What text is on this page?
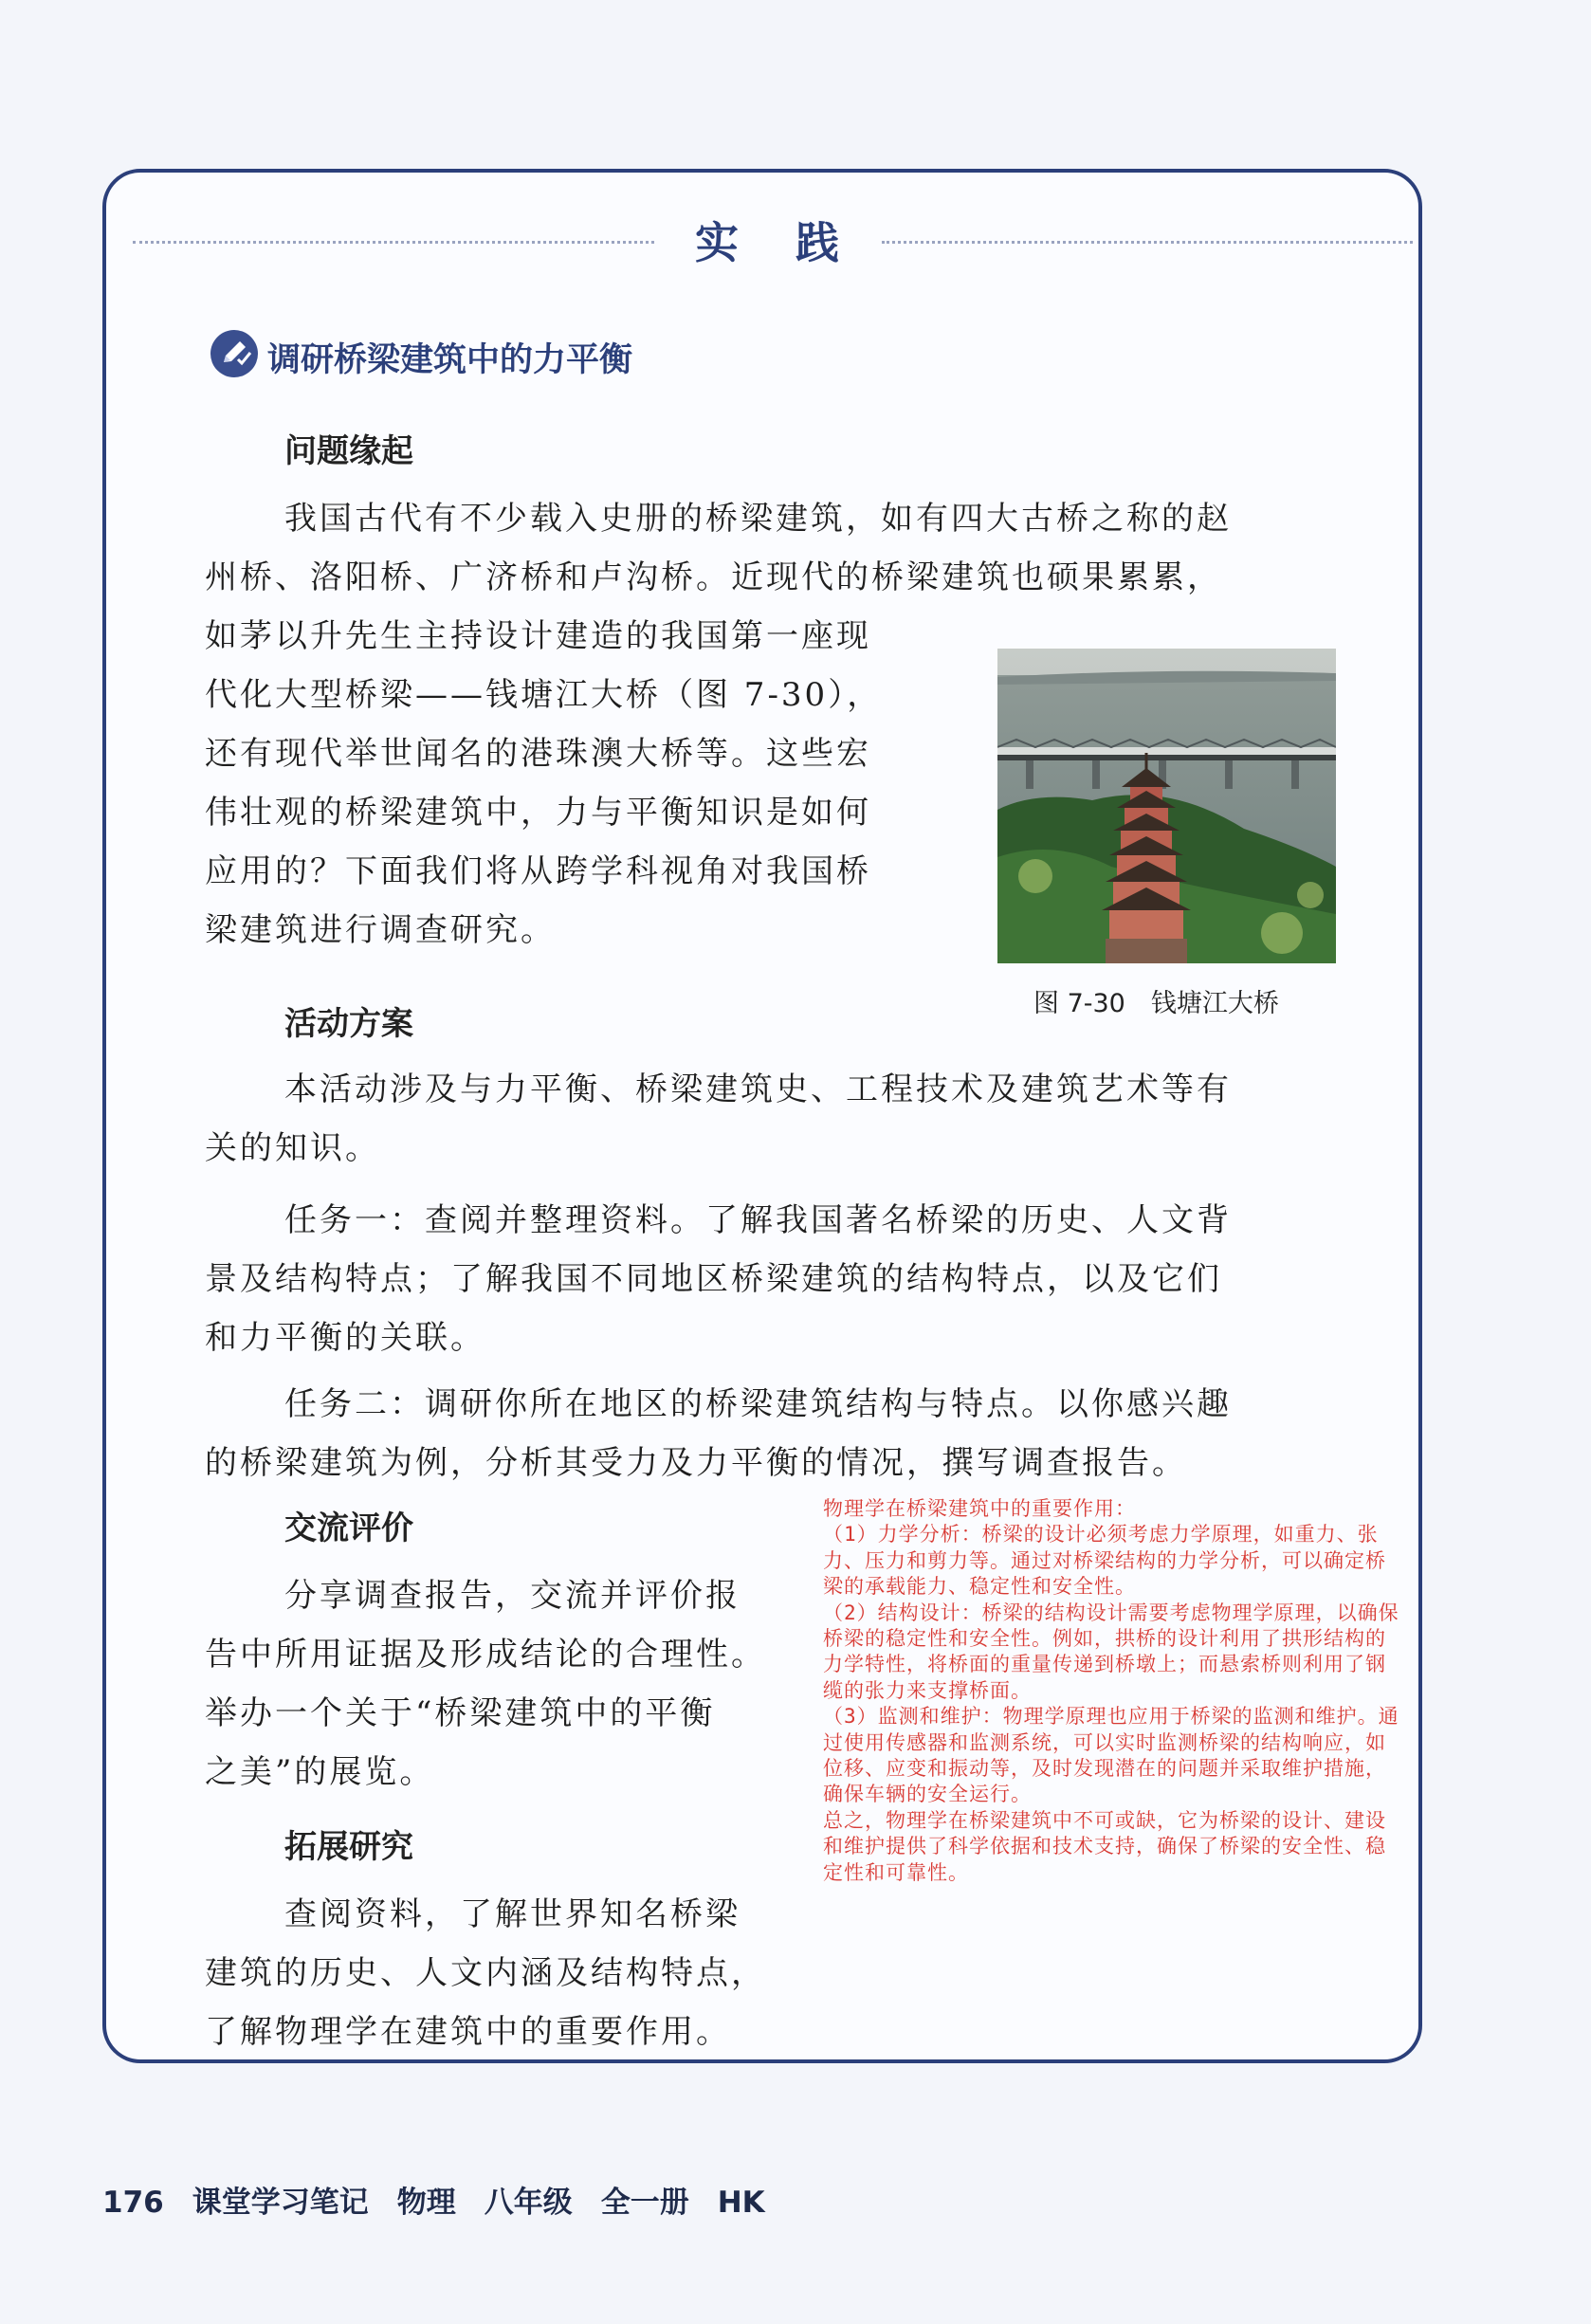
实 践
调研桥梁建筑中的力平衡
问题缘起
我国古代有不少载入史册的桥梁建筑，如有四大古桥之称的赵
州桥、洛阳桥、广济桥和卢沟桥。近现代的桥梁建筑也硕果累累，
如茅以升先生主持设计建造的我国第一座现
代化大型桥梁——钱塘江大桥（图 7-30），
还有现代举世闻名的港珠澳大桥等。这些宏
伟壮观的桥梁建筑中，力与平衡知识是如何
应用的？下面我们将从跨学科视角对我国桥
梁建筑进行调查研究。
图 7-30　钱塘江大桥
活动方案
本活动涉及与力平衡、桥梁建筑史、工程技术及建筑艺术等有
关的知识。
任务一：查阅并整理资料。了解我国著名桥梁的历史、人文背
景及结构特点；了解我国不同地区桥梁建筑的结构特点，以及它们
和力平衡的关联。
任务二：调研你所在地区的桥梁建筑结构与特点。以你感兴趣
的桥梁建筑为例，分析其受力及力平衡的情况，撰写调查报告。
交流评价
分享调查报告，交流并评价报
告中所用证据及形成结论的合理性。
举办一个关于“桥梁建筑中的平衡
之美”的展览。
拓展研究
查阅资料，了解世界知名桥梁
建筑的历史、人文内涵及结构特点，
了解物理学在建筑中的重要作用。
物理学在桥梁建筑中的重要作用：
（1）力学分析：桥梁的设计必须考虑力学原理，如重力、张力、压力和剪力等。通过对桥梁结构的力学分析，可以确定桥梁的承载能力、稳定性和安全性。
（2）结构设计：桥梁的结构设计需要考虑物理学原理，以确保桥梁的稳定性和安全性。例如，拱桥的设计利用了拱形结构的力学特性，将桥面的重量传递到桥墩上；而悬索桥则利用了钢缆的张力来支撑桥面。
（3）监测和维护：物理学原理也应用于桥梁的监测和维护。通过使用传感器和监测系统，可以实时监测桥梁的结构响应，如位移、应变和振动等，及时发现潜在的问题并采取维护措施，确保车辆的安全运行。
总之，物理学在桥梁建筑中不可或缺，它为桥梁的设计、建设和维护提供了科学依据和技术支持，确保了桥梁的安全性、稳定性和可靠性。
176 课堂学习笔记 物理 八年级 全一册 HK
